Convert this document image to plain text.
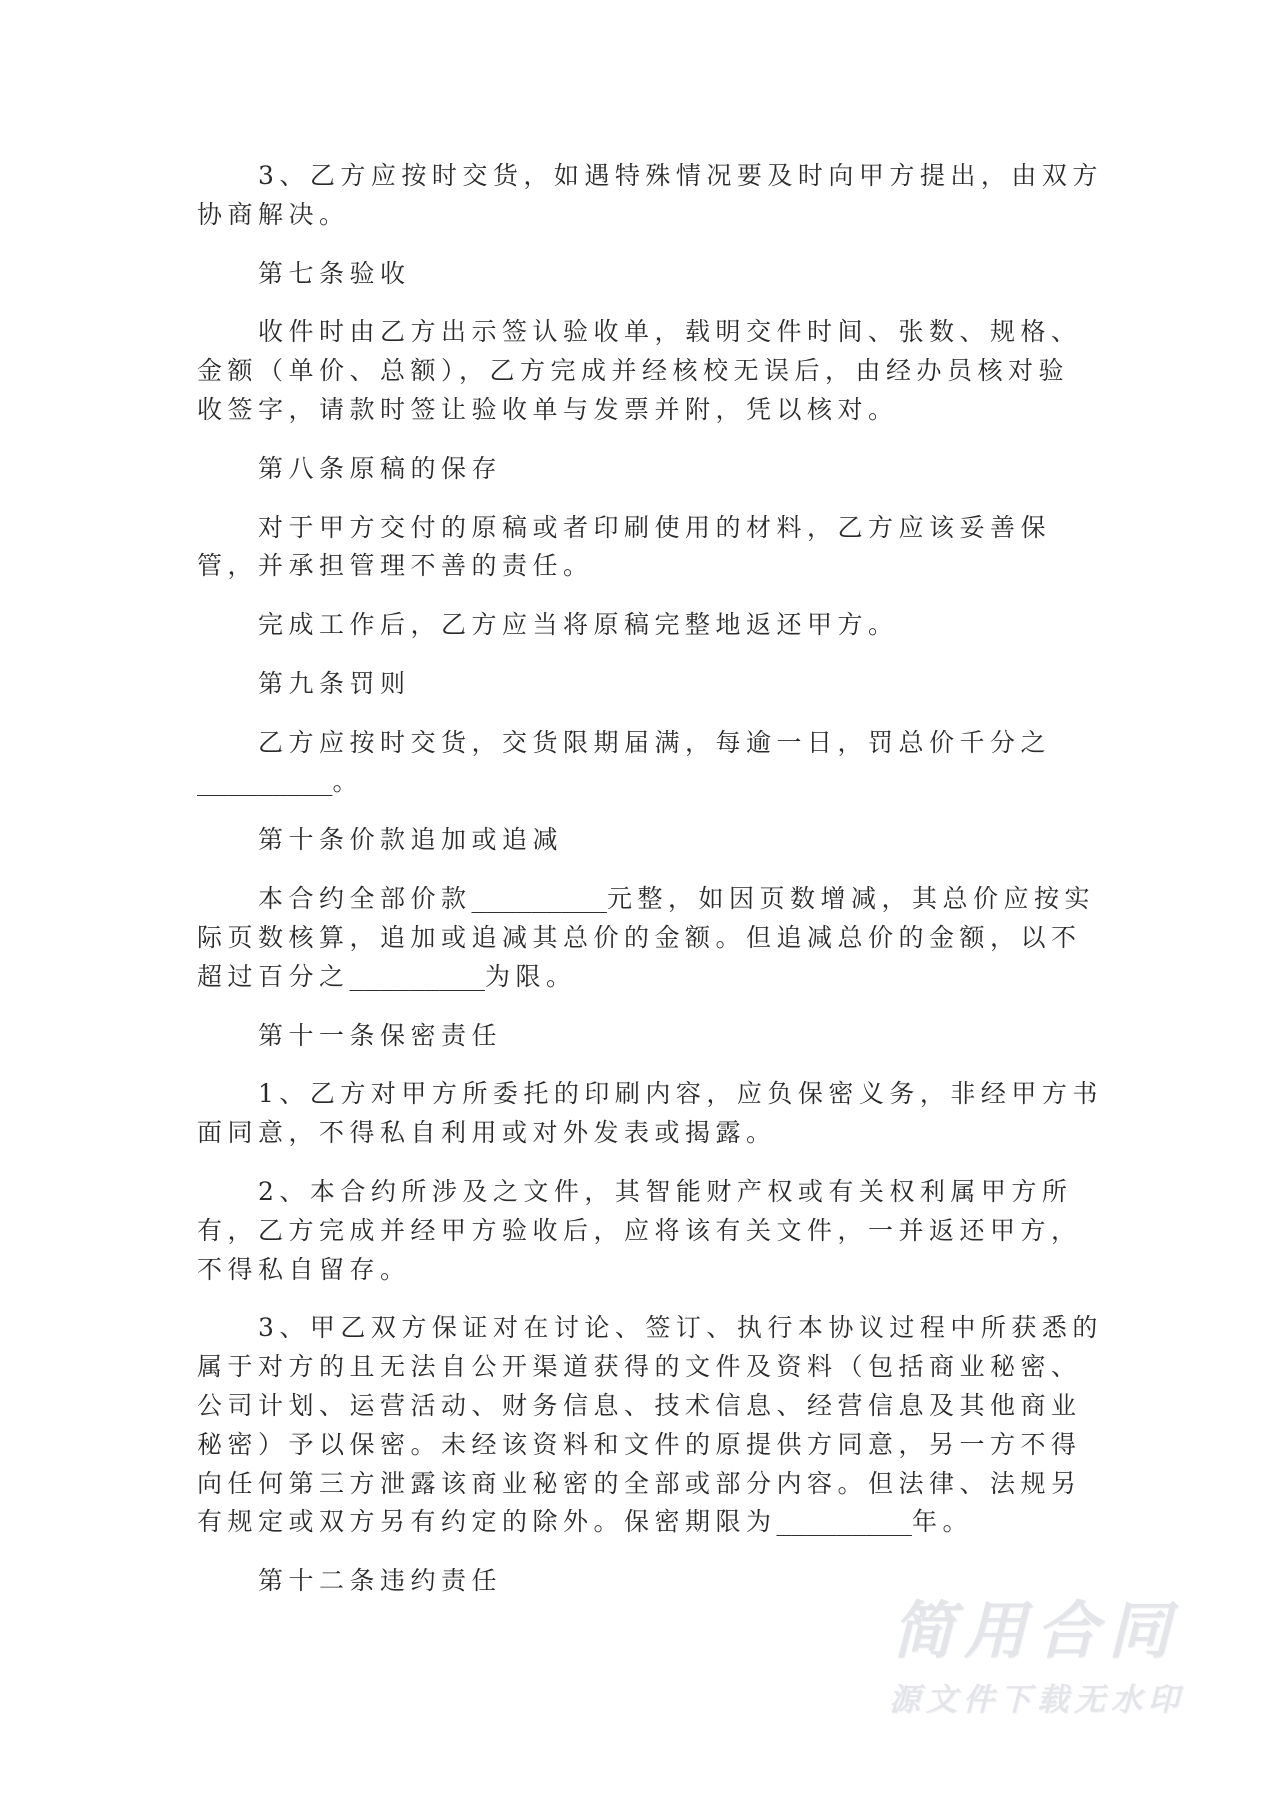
3、乙方应按时交货，如遇特殊情况要及时向甲方提出，由双方
协商解决。
第七条验收
收件时由乙方出示签认验收单，载明交件时间、张数、规格、
金额（单价、总额），乙方完成并经核校无误后，由经办员核对验
收签字，请款时签让验收单与发票并附，凭以核对。
第八条原稿的保存
对于甲方交付的原稿或者印刷使用的材料，乙方应该妥善保
管，并承担管理不善的责任。
完成工作后，乙方应当将原稿完整地返还甲方。
第九条罚则
乙方应按时交货，交货限期届满，每逾一日，罚总价千分之
_________。
第十条价款追加或追减
本合约全部价款_________元整，如因页数增减，其总价应按实
际页数核算，追加或追减其总价的金额。但追减总价的金额，以不
超过百分之_________为限。
第十一条保密责任
1、乙方对甲方所委托的印刷内容，应负保密义务，非经甲方书
面同意，不得私自利用或对外发表或揭露。
2、本合约所涉及之文件，其智能财产权或有关权利属甲方所
有，乙方完成并经甲方验收后，应将该有关文件，一并返还甲方，
不得私自留存。
3、甲乙双方保证对在讨论、签订、执行本协议过程中所获悉的
属于对方的且无法自公开渠道获得的文件及资料（包括商业秘密、
公司计划、运营活动、财务信息、技术信息、经营信息及其他商业
秘密）予以保密。未经该资料和文件的原提供方同意，另一方不得
向任何第三方泄露该商业秘密的全部或部分内容。但法律、法规另
有规定或双方另有约定的除外。保密期限为_________年。
第十二条违约责任
简用合同
源文件下载无水印
